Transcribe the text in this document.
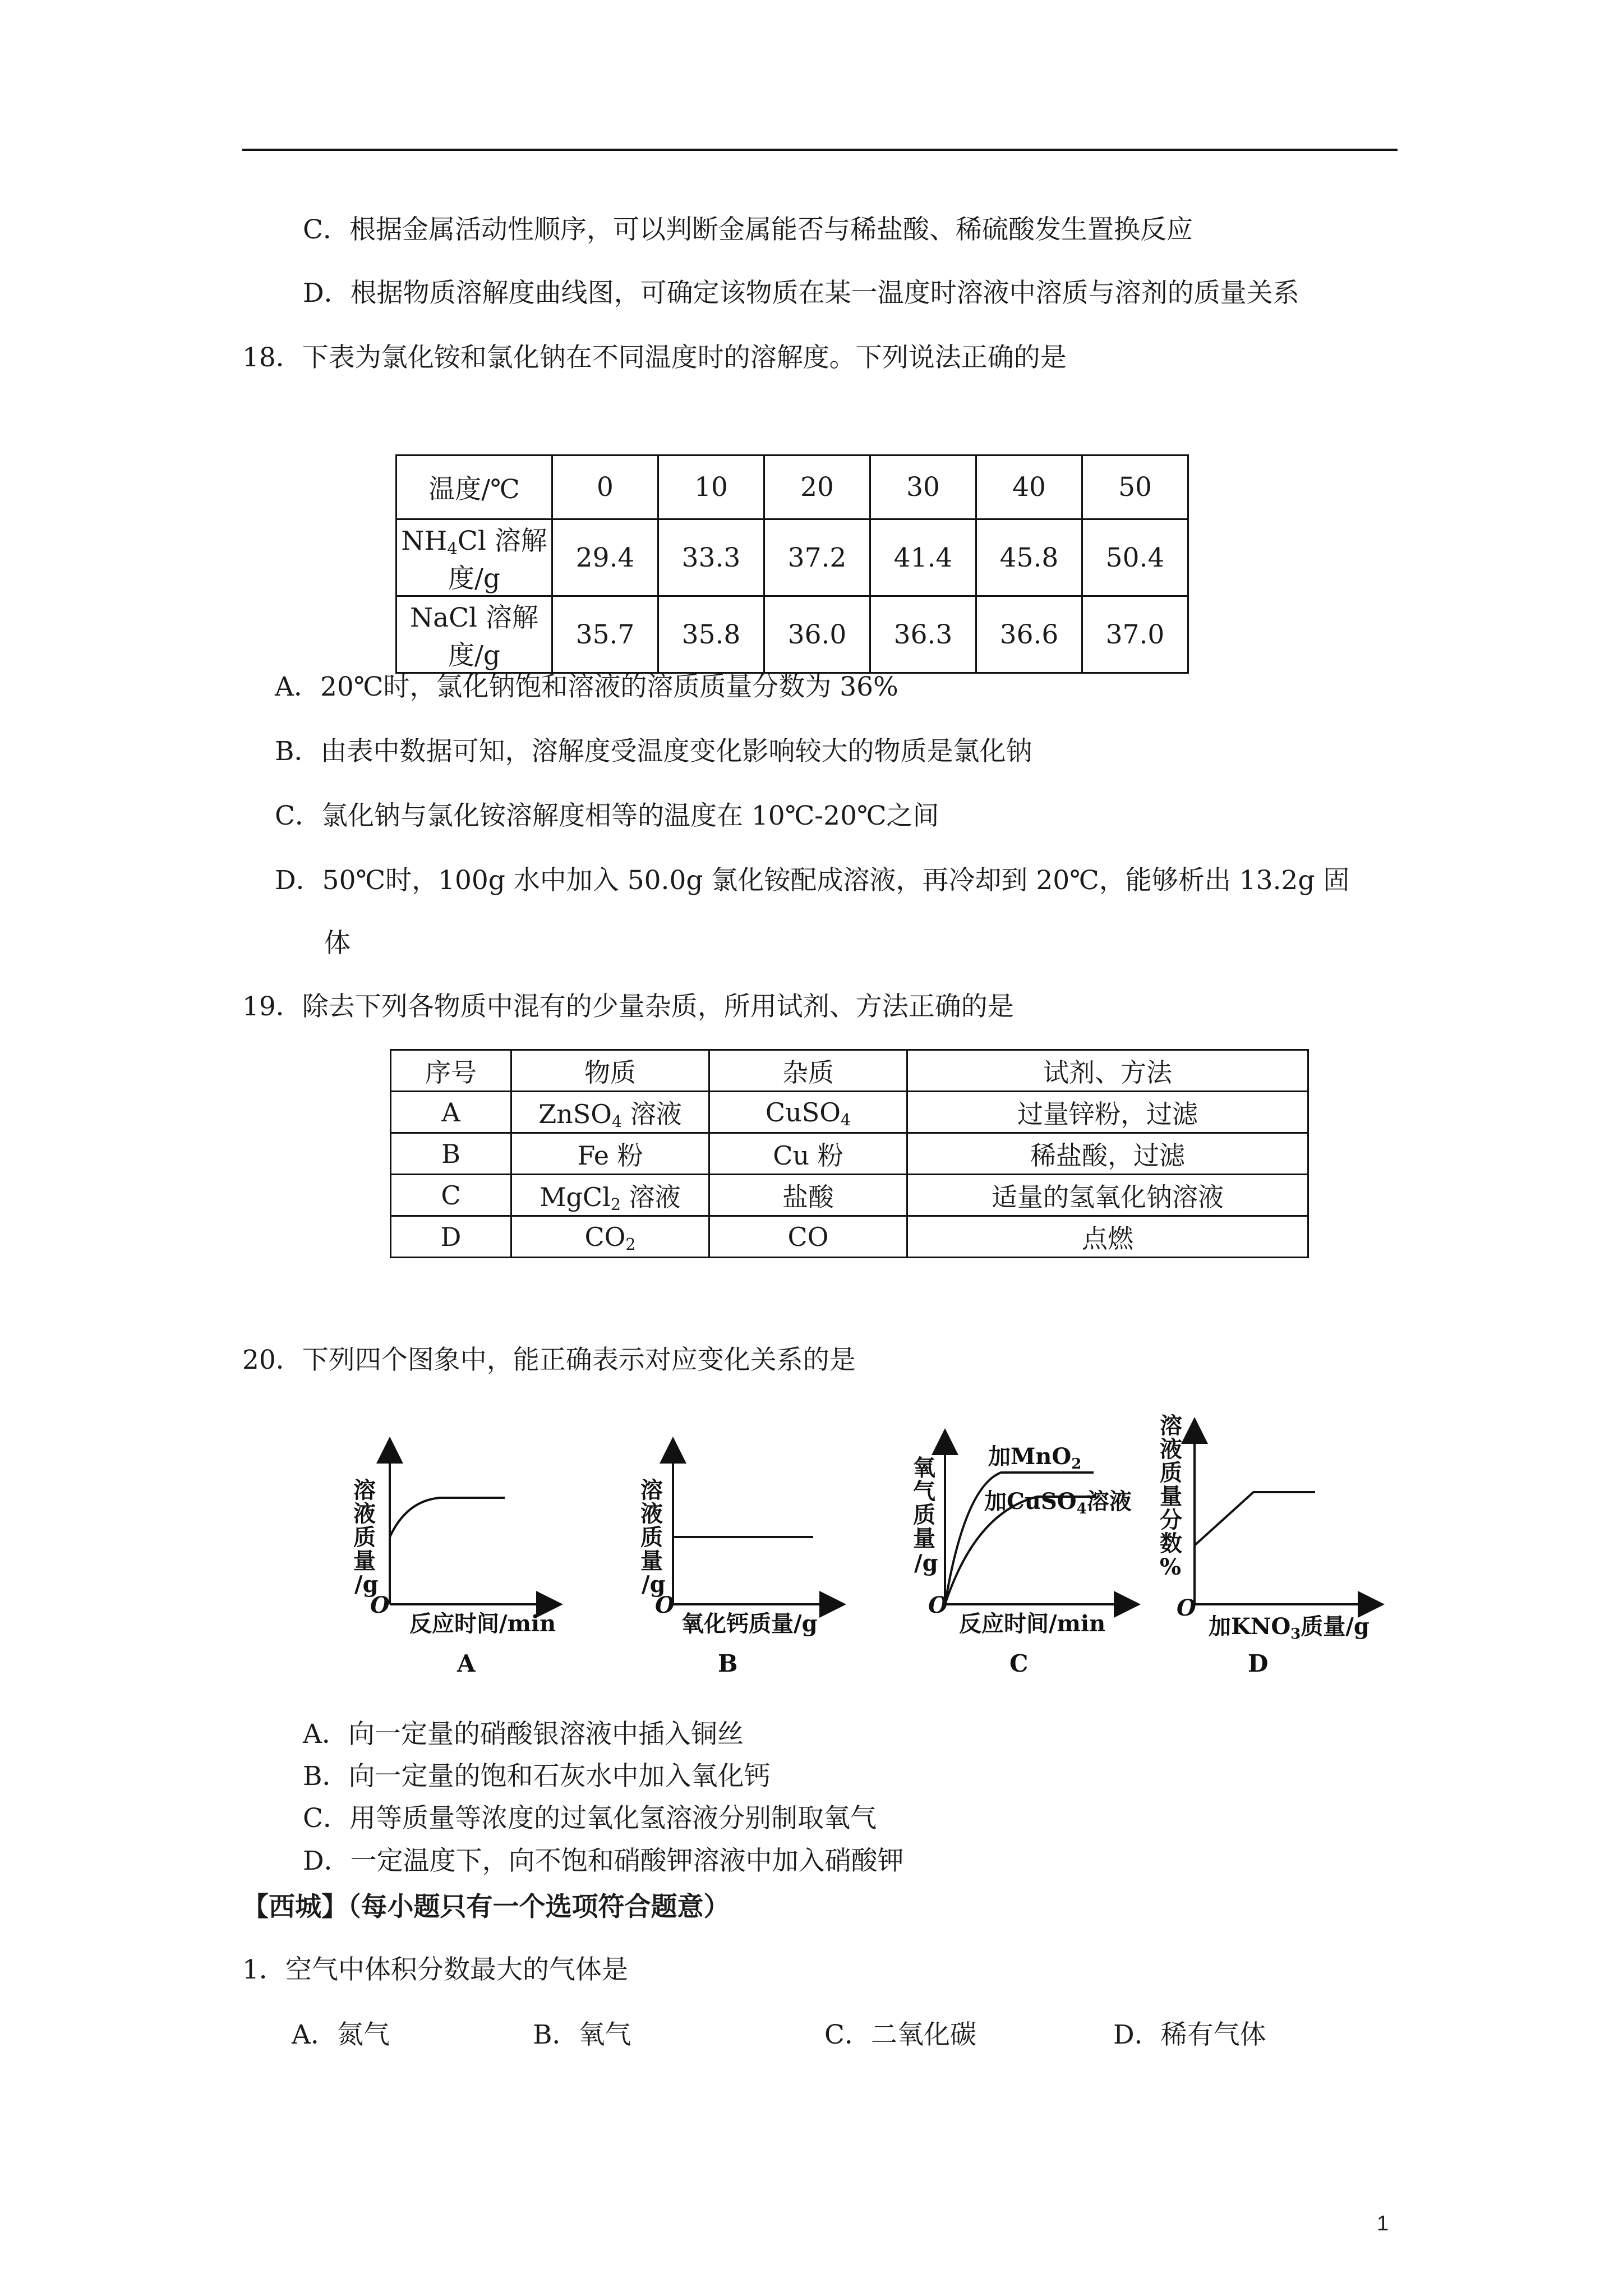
C．根据金属活动性顺序，可以判断金属能否与稀盐酸、稀硫酸发生置换反应
D．根据物质溶解度曲线图，可确定该物质在某一温度时溶液中溶质与溶剂的质量关系
18．下表为氯化铵和氯化钠在不同温度时的溶解度。下列说法正确的是
温度/℃	0	10	20	30	40	50
$NH_4Cl$ 溶解度/g	29.4	33.3	37.2	41.4	45.8	50.4
NaCl 溶解度/g	35.7	35.8	36.0	36.3	36.6	37.0
A．20℃时，氯化钠饱和溶液的溶质质量分数为 36%
B．由表中数据可知，溶解度受温度变化影响较大的物质是氯化钠
C．氯化钠与氯化铵溶解度相等的温度在 10℃-20℃之间
D．50℃时，100g 水中加入 50.0g 氯化铵配成溶液，再冷却到 20℃，能够析出 13.2g 固
体
19．除去下列各物质中混有的少量杂质，所用试剂、方法正确的是
序号	物质	杂质	试剂、方法
A	ZnSO$_4$ 溶液	CuSO$_4$	过量锌粉，过滤
B	Fe 粉	Cu 粉	稀盐酸，过滤
C	MgCl$_2$ 溶液	盐酸	适量的氢氧化钠溶液
D	$CO_2$	CO	点燃
20．下列四个图象中，能正确表示对应变化关系的是
溶
液
质
量
/g
O
反应时间/min
A
溶
液
质
量
/g
O
氧化钙质量/g
B
加MnO$_2$
加CuSO$_4$溶液
氧
气
质
量
/g
O
反应时间/min
C
溶
液
质
量
分
数
%
O
加$KNO_3$质量/g
D
A．向一定量的硝酸银溶液中插入铜丝
B．向一定量的饱和石灰水中加入氧化钙
C．用等质量等浓度的过氧化氢溶液分别制取氧气
D．一定温度下，向不饱和硝酸钾溶液中加入硝酸钾
【西城】（每小题只有一个选项符合题意）
1．空气中体积分数最大的气体是
A．氮气	B．氧气	C．二氧化碳	D．稀有气体
1
